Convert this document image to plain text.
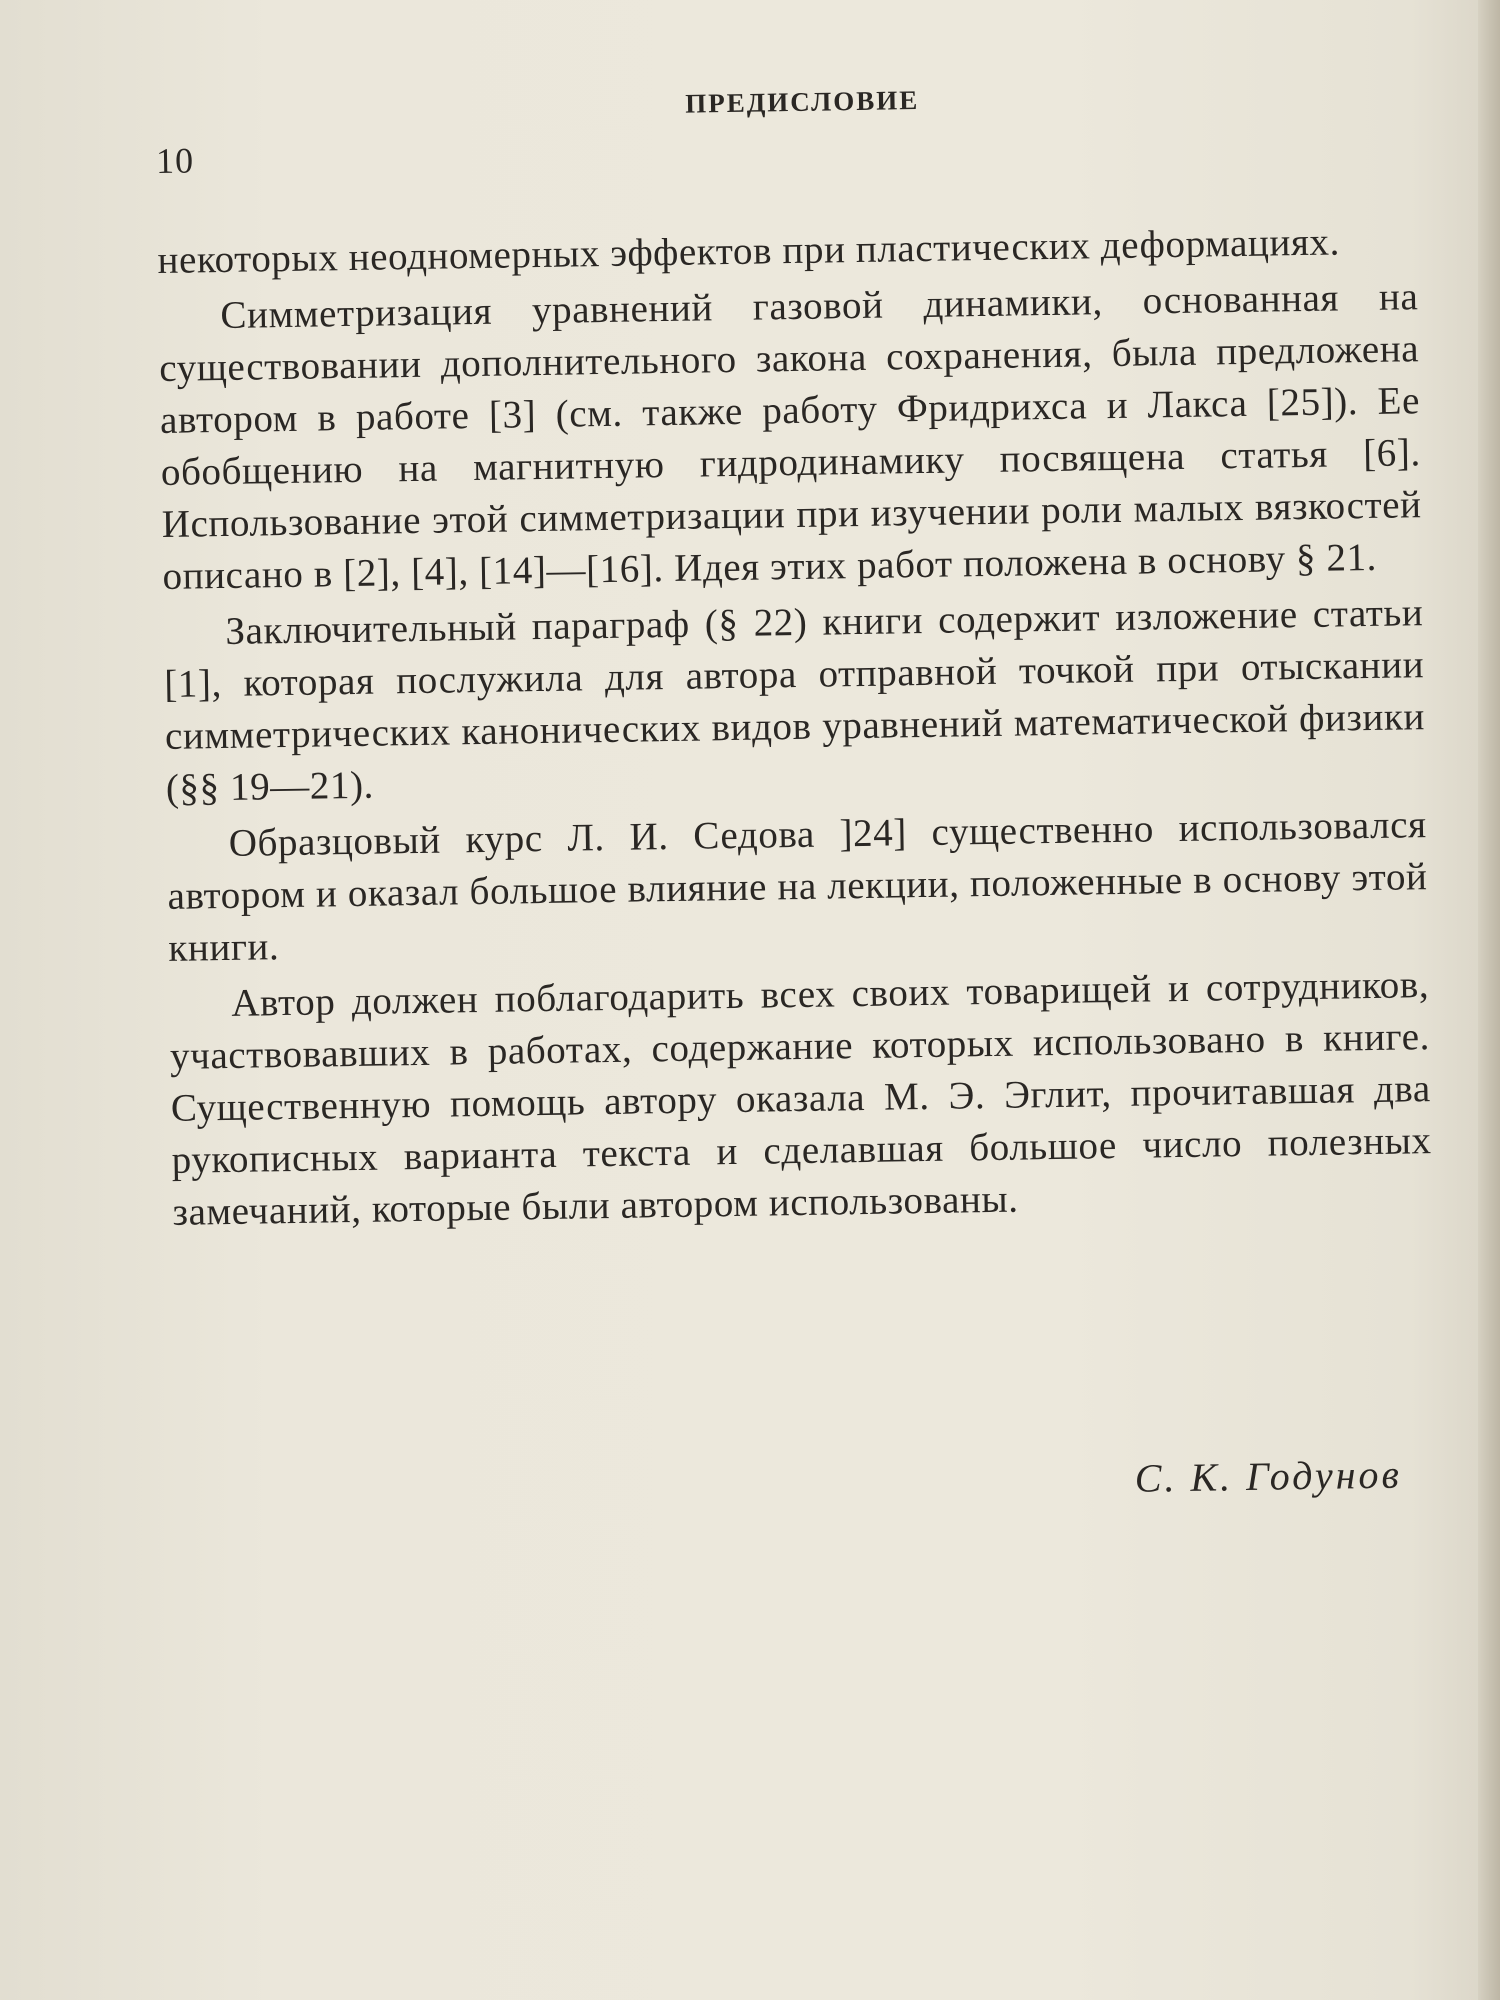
10
ПРЕДИСЛОВИЕ

некоторых неодномерных эффектов при пластических деформациях.

Симметризация уравнений газовой динамики, основанная на существовании дополнительного закона сохранения, была предложена автором в работе [3] (см. также работу Фридрихса и Лакса [25]). Ее обобщению на магнитную гидродинамику посвящена статья [6]. Использование этой симметризации при изучении роли малых вязкостей описано в [2], [4], [14]—[16]. Идея этих работ положена в основу § 21.

Заключительный параграф (§ 22) книги содержит изложение статьи [1], которая послужила для автора отправной точкой при отыскании симметрических канонических видов уравнений математической физики (§§ 19—21).

Образцовый курс Л. И. Седова ]24] существенно использовался автором и оказал большое влияние на лекции, положенные в основу этой книги.

Автор должен поблагодарить всех своих товарищей и сотрудников, участвовавших в работах, содержание которых использовано в книге. Существенную помощь автору оказала М. Э. Эглит, прочитавшая два рукописных варианта текста и сделавшая большое число полезных замечаний, которые были автором использованы.

С. К. Годунов
